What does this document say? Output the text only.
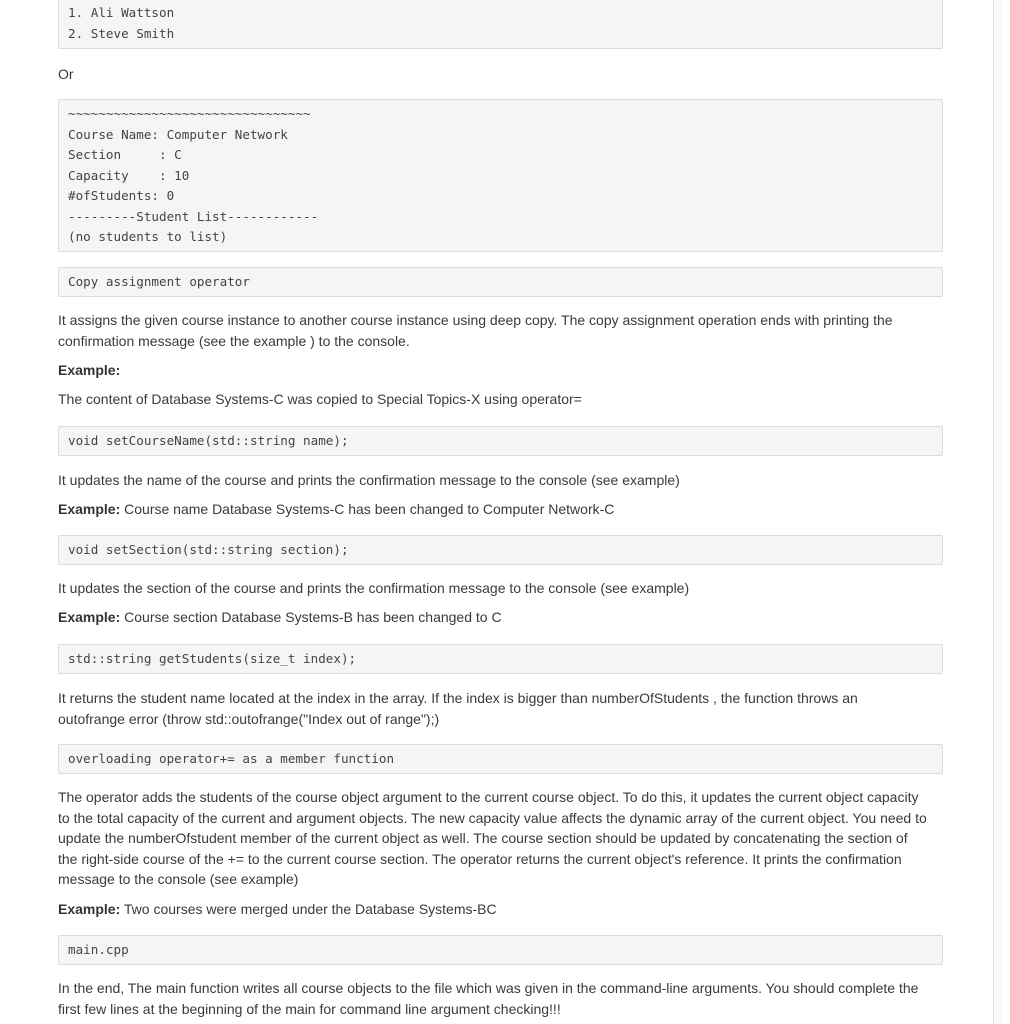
1. Ali Wattson
2. Steve Smith

Or

~~~~~~~~~~~~~~~~~~~~~~~~~~~~~~~~
Course Name: Computer Network
Section     : C
Capacity    : 10
#ofStudents: 0
---------Student List------------
(no students to list)
Copy assignment operator

It assigns the given course instance to another course instance using deep copy. The copy assignment operation ends with printing the confirmation message (see the example ) to the console.

Example:

The content of Database Systems-C was copied to Special Topics-X using operator=

void setCourseName(std::string name);

It updates the name of the course and prints the confirmation message to the console (see example)

Example: Course name Database Systems-C has been changed to Computer Network-C

void setSection(std::string section);

It updates the section of the course and prints the confirmation message to the console (see example)

Example: Course section Database Systems-B has been changed to C

std::string getStudents(size_t index);

It returns the student name located at the index in the array. If the index is bigger than numberOfStudents , the function throws an outofrange error (throw std::outofrange("Index out of range");)

overloading operator+= as a member function

The operator adds the students of the course object argument to the current course object. To do this, it updates the current object capacity to the total capacity of the current and argument objects. The new capacity value affects the dynamic array of the current object. You need to update the numberOfstudent member of the current object as well. The course section should be updated by concatenating the section of the right-side course of the += to the current course section. The operator returns the current object's reference. It prints the confirmation message to the console (see example)

Example: Two courses were merged under the Database Systems-BC

main.cpp

In the end, The main function writes all course objects to the file which was given in the command-line arguments. You should complete the first few lines at the beginning of the main for command line argument checking!!!
